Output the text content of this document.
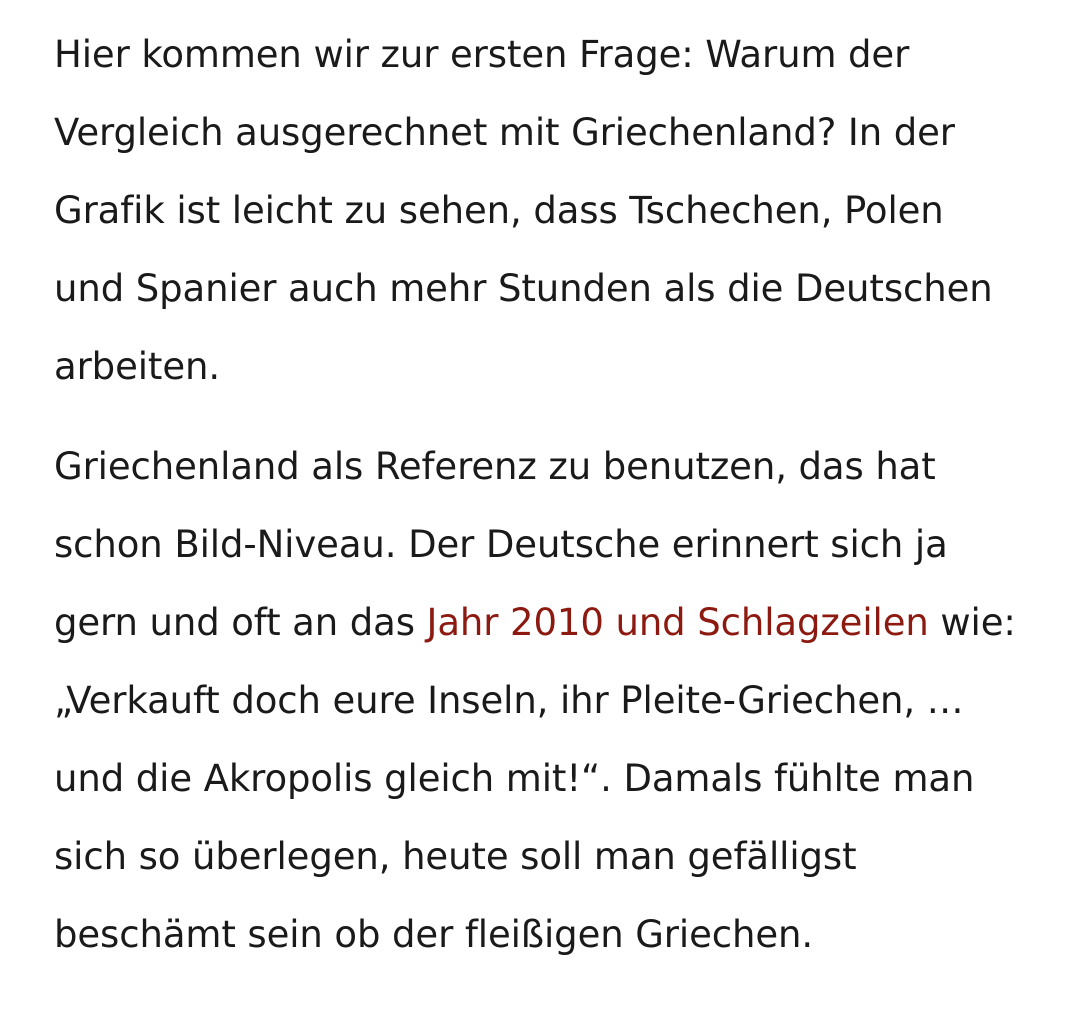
Hier kommen wir zur ersten Frage: Warum der Vergleich ausgerechnet mit Griechenland? In der Grafik ist leicht zu sehen, dass Tschechen, Polen und Spanier auch mehr Stunden als die Deutschen arbeiten.

Griechenland als Referenz zu benutzen, das hat schon Bild-Niveau. Der Deutsche erinnert sich ja gern und oft an das Jahr 2010 und Schlagzeilen wie: „Verkauft doch eure Inseln, ihr Pleite-Griechen, … und die Akropolis gleich mit!“. Damals fühlte man sich so überlegen, heute soll man gefälligst beschämt sein ob der fleißigen Griechen.
